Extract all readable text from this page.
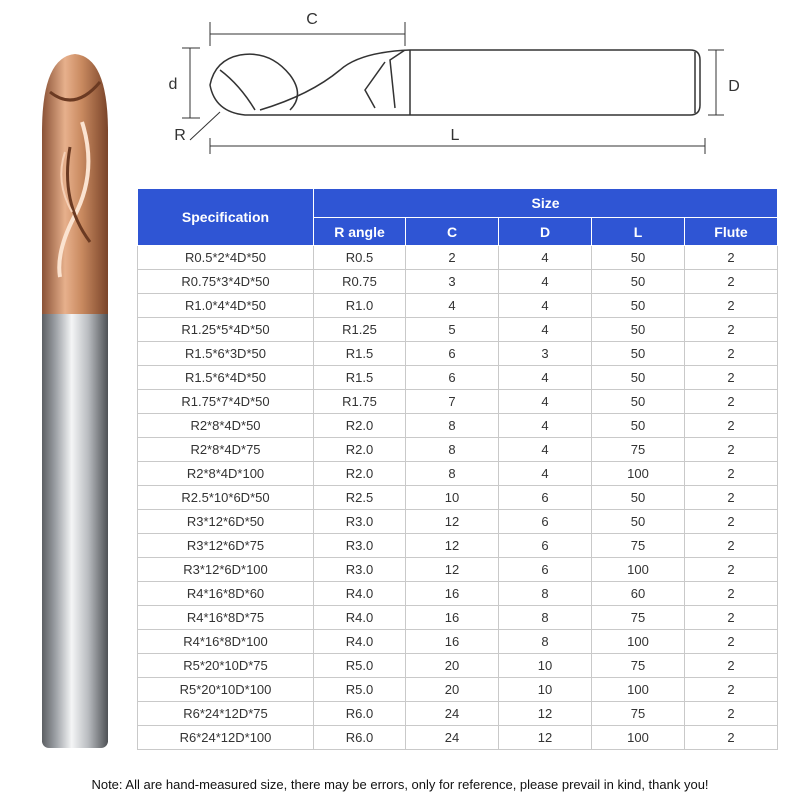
C
d	D
R	L
Specification	Size				
	R angle	C	D	L	Flute
R0.5*2*4D*50	R0.5	2	4	50	2
R0.75*3*4D*50	R0.75	3	4	50	2
R1.0*4*4D*50	R1.0	4	4	50	2
R1.25*5*4D*50	R1.25	5	4	50	2
R1.5*6*3D*50	R1.5	6	3	50	2
R1.5*6*4D*50	R1.5	6	4	50	2
R1.75*7*4D*50	R1.75	7	4	50	2
R2*8*4D*50	R2.0	8	4	50	2
R2*8*4D*75	R2.0	8	4	75	2
R2*8*4D*100	R2.0	8	4	100	2
R2.5*10*6D*50	R2.5	10	6	50	2
R3*12*6D*50	R3.0	12	6	50	2
R3*12*6D*75	R3.0	12	6	75	2
R3*12*6D*100	R3.0	12	6	100	2
R4*16*8D*60	R4.0	16	8	60	2
R4*16*8D*75	R4.0	16	8	75	2
R4*16*8D*100	R4.0	16	8	100	2
R5*20*10D*75	R5.0	20	10	75	2
R5*20*10D*100	R5.0	20	10	100	2
R6*24*12D*75	R6.0	24	12	75	2
R6*24*12D*100	R6.0	24	12	100	2
Note: All are hand-measured size, there may be errors, only for reference, please prevail in kind, thank you!
